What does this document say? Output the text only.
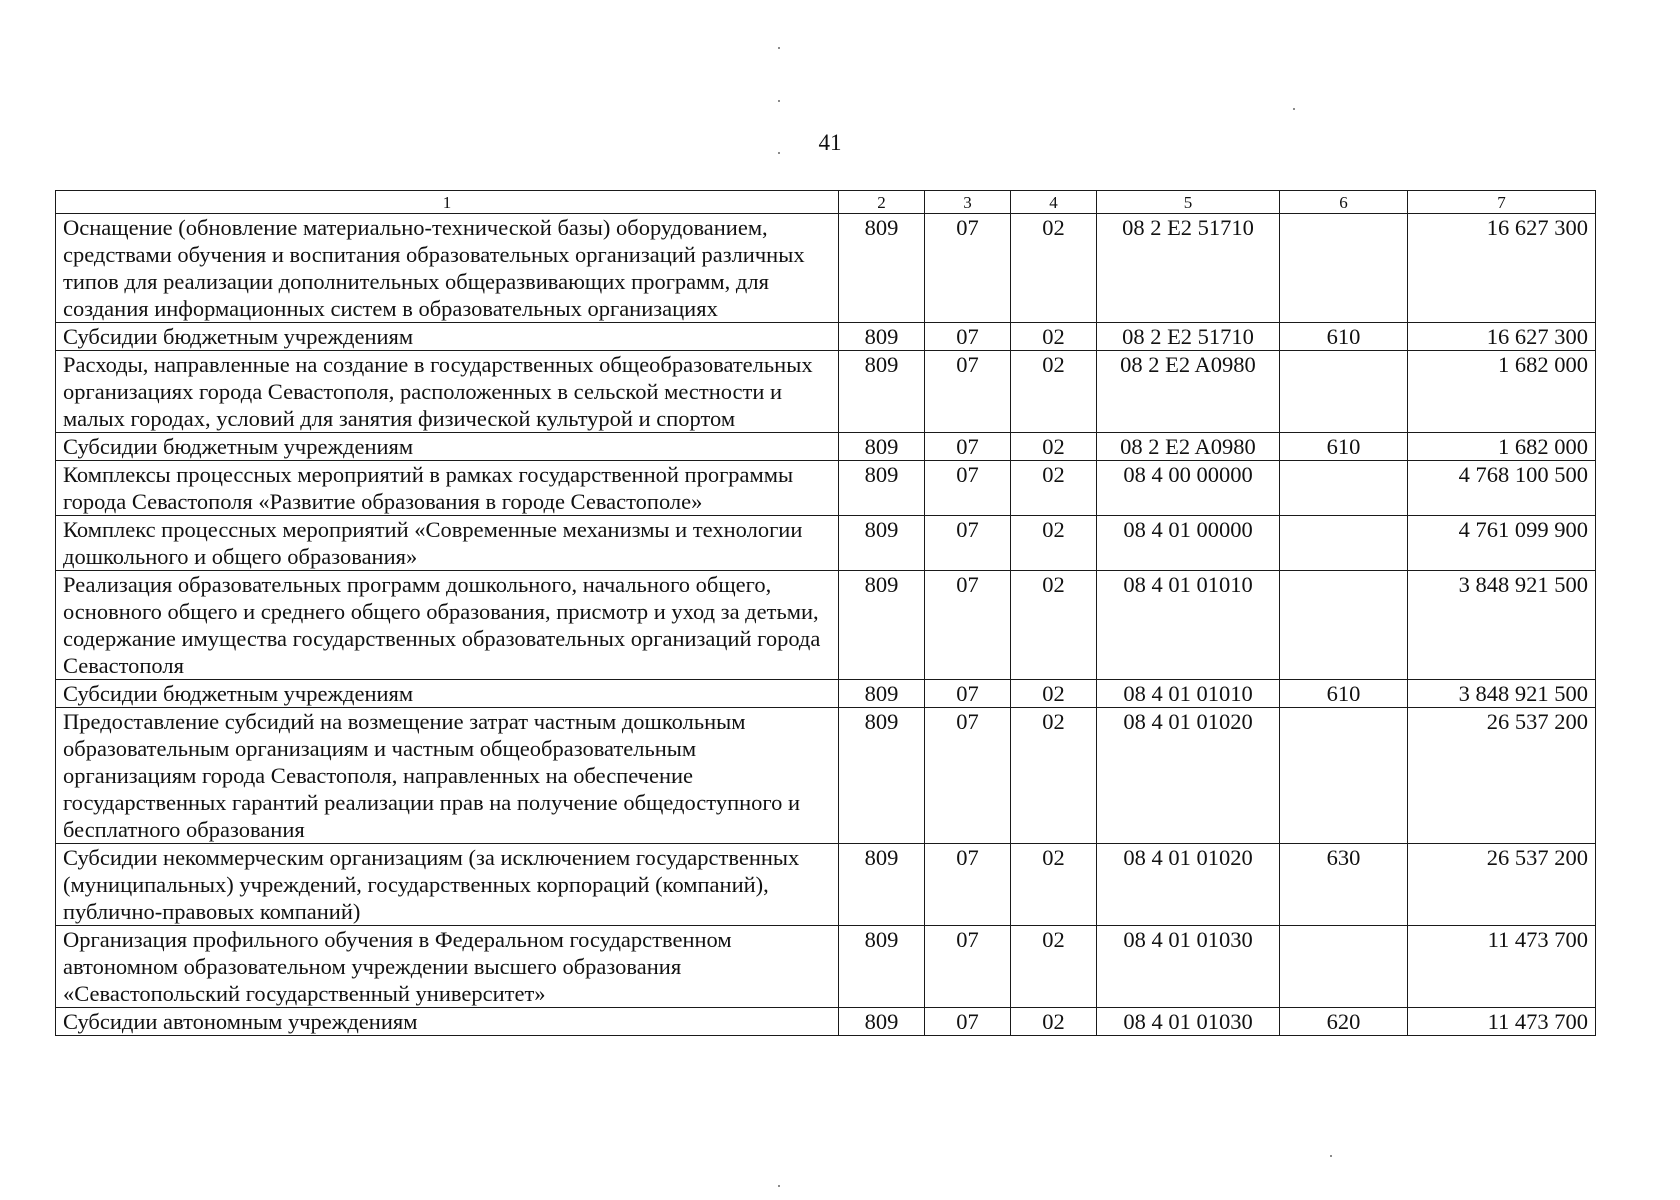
41
1	2	3	4	5	6	7
Оснащение (обновление материально-технической базы) оборудованием, средствами обучения и воспитания образовательных организаций различных типов для реализации дополнительных общеразвивающих программ, для создания информационных систем в образовательных организациях	809	07	02	08 2 E2 51710		16 627 300
Субсидии бюджетным учреждениям	809	07	02	08 2 E2 51710	610	16 627 300
Расходы, направленные на создание в государственных общеобразовательных организациях города Севастополя, расположенных в сельской местности и малых городах, условий для занятия физической культурой и спортом	809	07	02	08 2 E2 A0980		1 682 000
Субсидии бюджетным учреждениям	809	07	02	08 2 E2 A0980	610	1 682 000
Комплексы процессных мероприятий в рамках государственной программы города Севастополя «Развитие образования в городе Севастополе»	809	07	02	08 4 00 00000		4 768 100 500
Комплекс процессных мероприятий «Современные механизмы и технологии дошкольного и общего образования»	809	07	02	08 4 01 00000		4 761 099 900
Реализация образовательных программ дошкольного, начального общего, основного общего и среднего общего образования, присмотр и уход за детьми, содержание имущества государственных образовательных организаций города Севастополя	809	07	02	08 4 01 01010		3 848 921 500
Субсидии бюджетным учреждениям	809	07	02	08 4 01 01010	610	3 848 921 500
Предоставление субсидий на возмещение затрат частным дошкольным образовательным организациям и частным общеобразовательным организациям города Севастополя, направленных на обеспечение государственных гарантий реализации прав на получение общедоступного и бесплатного образования	809	07	02	08 4 01 01020		26 537 200
Субсидии некоммерческим организациям (за исключением государственных (муниципальных) учреждений, государственных корпораций (компаний), публично-правовых компаний)	809	07	02	08 4 01 01020	630	26 537 200
Организация профильного обучения в Федеральном государственном автономном образовательном учреждении высшего образования «Севастопольский государственный университет»	809	07	02	08 4 01 01030		11 473 700
Субсидии автономным учреждениям	809	07	02	08 4 01 01030	620	11 473 700
